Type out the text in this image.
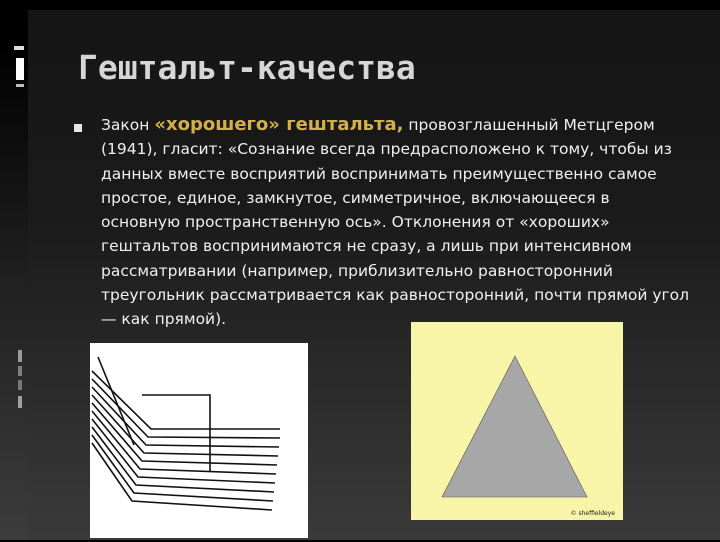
Гештальт-качества
Закон «хорошего» гештальта, провозглашенный Метцгером (1941), гласит: «Сознание всегда предрасположено к тому, чтобы из данных вместе восприятий воспринимать преимущественно самое простое, единое, замкнутое, симметричное, включающееся в основную пространственную ось». Отклонения от «хороших» гештальтов воспринимаются не сразу, а лишь при интенсивном рассматривании (например, приблизительно равносторонний треугольник рассматривается как равносторонний, почти прямой угол — как прямой).
© sheffieldeye
